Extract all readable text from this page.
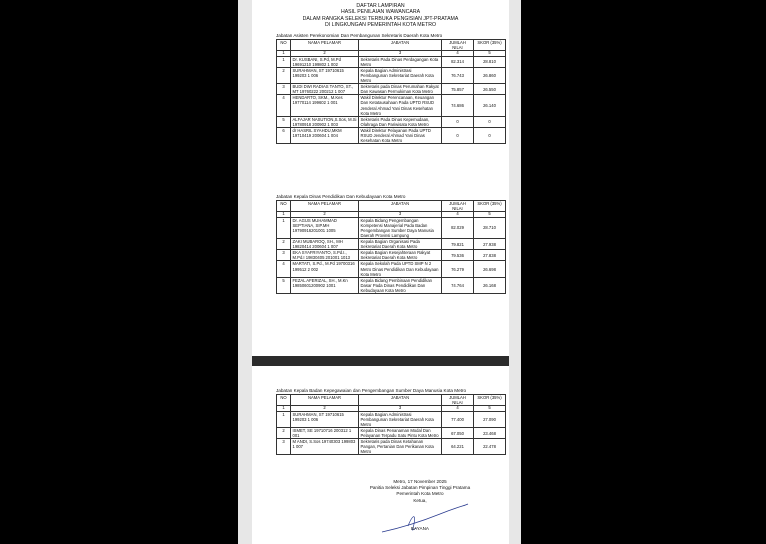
DAFTAR LAMPIRAN
HASIL PENILAIAN WAWANCARA
DALAM RANGKA SELEKSI TERBUKA PENGISIAN JPT-PRATAMA
DI LINGKUNGAN PEMERINTAH KOTA METRO
Jabatan Asisten Perekonomian Dan Pembangunan Sekretaris Daerah Kota Metro
NO	NAMA PELAMAR	JABATAN	JUMLAH NILAI	SKOR (35%)
1	2	3	4	5
1	Dr. KUSBANI, S.Pd, M.Pd 19691210 199802 1 002	Sekretaris Pada Dinas Perdagangan Kota Metro	82.314	28.810
2	SURAHMAN, ST 19710615 199203 1 006	Kepala Bagian Administrasi Pembangunan Sekretariat Daerah Kota Metro	76.743	26.860
3	BUDI DWI RADIAS TANTO, ST., MT 19760222 200212 1 007	Sekretaris pada Dinas Perumahan Rakyat Dan Kawasan Permukiman Kota Metro	75.857	26.550
4	HENDARTO, SKM., M.Kes 19770114 199602 1 001	Wakil Direktur Perencanaan, Keuangan Dan Ketatausahaan Pada UPTD RSUD Jenderal Ahmad Yani Dinas Kesehatan Kota Metro	74.686	26.140
5	ALFAJAR NASUTION,S.Sos, M.Si 19780918 200902 1 003	Sekretaris Pada Dinas Kepemudaan, Olahraga Dan Pariwisata Kota Metro	0	0
6	dr HASRIL SYAHDU,MKM 19710419 200604 1 004	Wakil Direktur Pelayanan Pada UPTD RSUD Jenderal Ahmad Yani Dinas Kesehatan Kota Metro	0	0
Jabatan Kepala Dinas Pendidikan Dan Kebudayaan Kota Metro
NO	NAMA PELAMAR	JABATAN	JUMLAH NILAI	SKOR (35%)
1	2	3	4	5
1	Dr. AGUS MUHAMMAD SEPTIANA, SIP.MH 19790916201001 1005	Kepala Bidang Pengembangan Kompetensi Manajerial Pada Badan Pengembangan Sumber Daya Manusia Daerah Provinsi Lampung	82.029	28.710
2	ZAKI MUBAROQ, SH., MH 19820414 200604 1 007	Kepala Bagian Organisasi Pada Sekretariat Daerah Kota Metro	79.821	27.938
3	EKA SYAFRIYANTO, S.Pd.I., M.Pd.I 19830405 201001 1013	Kepala Bagian Kesejahteraan Rakyat Sekretariat Daerah Kota Metro	79.536	27.838
4	MARTATI, S.Pd., M.Pd 19700316 199512 2 002	Kepala Sekolah Pada UPTD SMP N 2 Metro Dinas Pendidikan Dan Kebudayaan Kota Metro	76.279	26.698
5	FEZAL AFERIZAL, SH., M.Kn 19850601200902 1001	Kepala Bidang Pembinaan Pendidikan Dasar Pada Dinas Pendidikan Dan Kebudayaan Kota Metro	74.764	26.168
Jabatan Kepala Badan Kepegawaian dan Pengembangan Sumber Daya Manusia Kota Metro
NO	NAMA PELAMAR	JABATAN	JUMLAH NILAI	SKOR (35%)
1	2	3	4	5
1	SURAHMAN, ST 19710615 199203 1 006	Kepala Bagian Administrasi Pembangunan Sekretariat Daerah Kota Metro	77.400	27.090
2	ISMET, SE 19710716 200312 1 001	Kepala Dinas Penanaman Modal Dan Pelayanan Terpadu Satu Pintu Kota Metro	67.050	23.468
3	M ANDI, S.Sos 19740303 199803 1 007	Sekretaris pada Dinas Ketahanan Pangan, Pertanian Dan Perikanan Kota Metro	64.221	22.478
Metro, 17 November 2025
Panitia Seleksi Jabatan Pimpinan Tinggi Pratama
Pemerintah Kota Metro
Ketua,
BAYANA
